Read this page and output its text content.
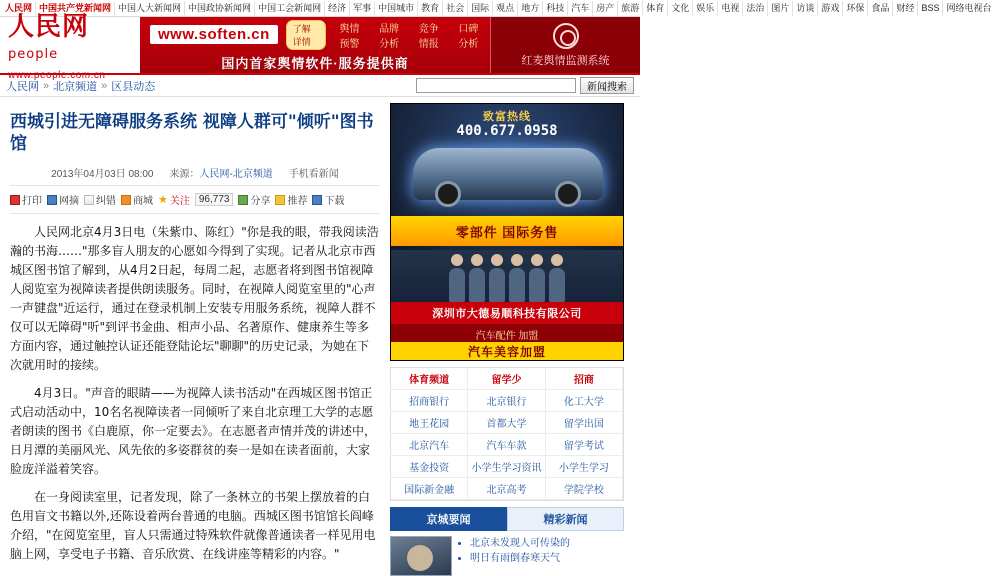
人民网 中国共产党新闻网 中国人大新闻网 中国政协新闻网 中国工会新闻网 经济 军事 中国城市 教育 社会 国际 观点 地方 科技 汽车 房产 旅游 体育 文化 娱乐 电视 法治 图片 访谈 游戏 环保 食品 财经 BSS 网络电视台
人民网people
www.people.com.cn
www.soften.cn	了解详情
舆情预警
品牌分析
竞争情报
口碑分析
国内首家舆情软件·服务提供商	红麦舆情监测系统
人民网 » 北京频道 » 区县动态	新闻搜索
西城引进无障碍服务系统 视障人群可"倾听"图书馆
2013年04月03日 08:00 来源：人民网-北京频道 手机看新闻
打印 网摘 纠错 商城 ★ 关注 96,773	分享 推荐 下载

人民网北京4月3日电（朱紫巾、陈红）"你是我的眼，带我阅读浩瀚的书海……"那多盲人朋友的心愿如今得到了实现。记者从北京市西城区图书馆了解到，从4月2日起，每周二起，志愿者将到图书馆视障人阅览室为视障读者提供朗读服务。同时，在视障人阅览室里的"心声一声键盘"近运行，通过在登录机制上安装专用服务系统，视障人群不仅可以无障碍"听"到评书金曲、相声小品、名著原作、健康养生等多方面内容，通过触控认证还能登陆论坛"聊聊"的历史记录，为她在下次就用时的接续。

4月3日。"声音的眼睛——为视障人读书活动"在西城区图书馆正式启动活动中，10名名视障读者一同倾听了来自北京理工大学的志愿者朗读的图书《白鹿原，你一定要去》。在志愿者声情并茂的讲述中，日月潭的美丽风光、风先依的多姿群贫的奏一是如在读者面前，大家脸庞洋溢着笑容。

在一身阅读室里，记者发现，除了一条林立的书架上摆放着的白色用盲文书籍以外,还陈设着两台普通的电脑。西城区图书馆馆长阎峰介绍，"在阅览室里，盲人只需通过特殊软件就像普通读者一样见用电脑上网，享受电子书籍、音乐欣赏、在线讲座等精彩的内容。"

致富热线
400.677.0958
零部件 国际务售
深圳市大德易顺科技有限公司
汽车配件 加盟
汽车美容加盟
体育频道	留学少	招商
招商银行	北京银行	化工大学
地王花园	首都大学	留学出国
北京汽车	汽车车款	留学考试
基金投资	小学生学习资讯	小学生学习
国际新金融	北京高考	学院学校
京城要闻	精彩新闻
• 北京未发现人可传染的
• 明日有雨倒春寒天气
